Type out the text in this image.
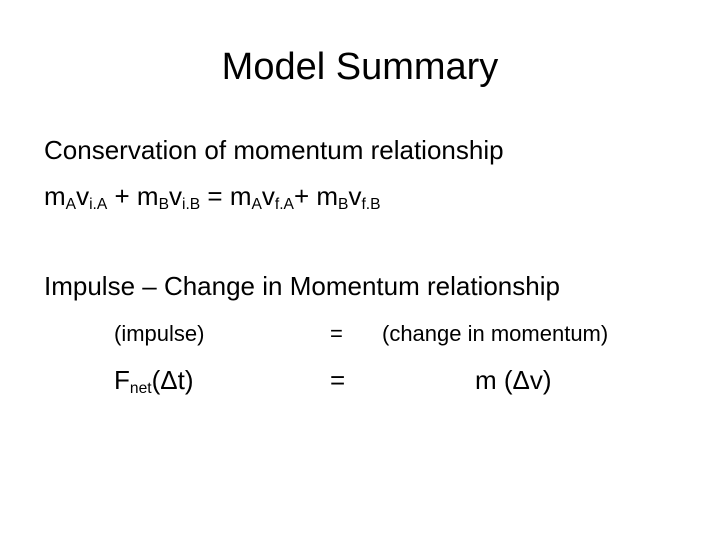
Model Summary
Conservation of momentum relationship
$m_Av_{i.A} + m_Bv_{i.B} = m_Av_{f.A}+ m_Bv_{f.B}$
Impulse – Change in Momentum relationship
(impulse)	= (change in momentum)
$F_{net}(\Delta t)$	=	m (Δv)
